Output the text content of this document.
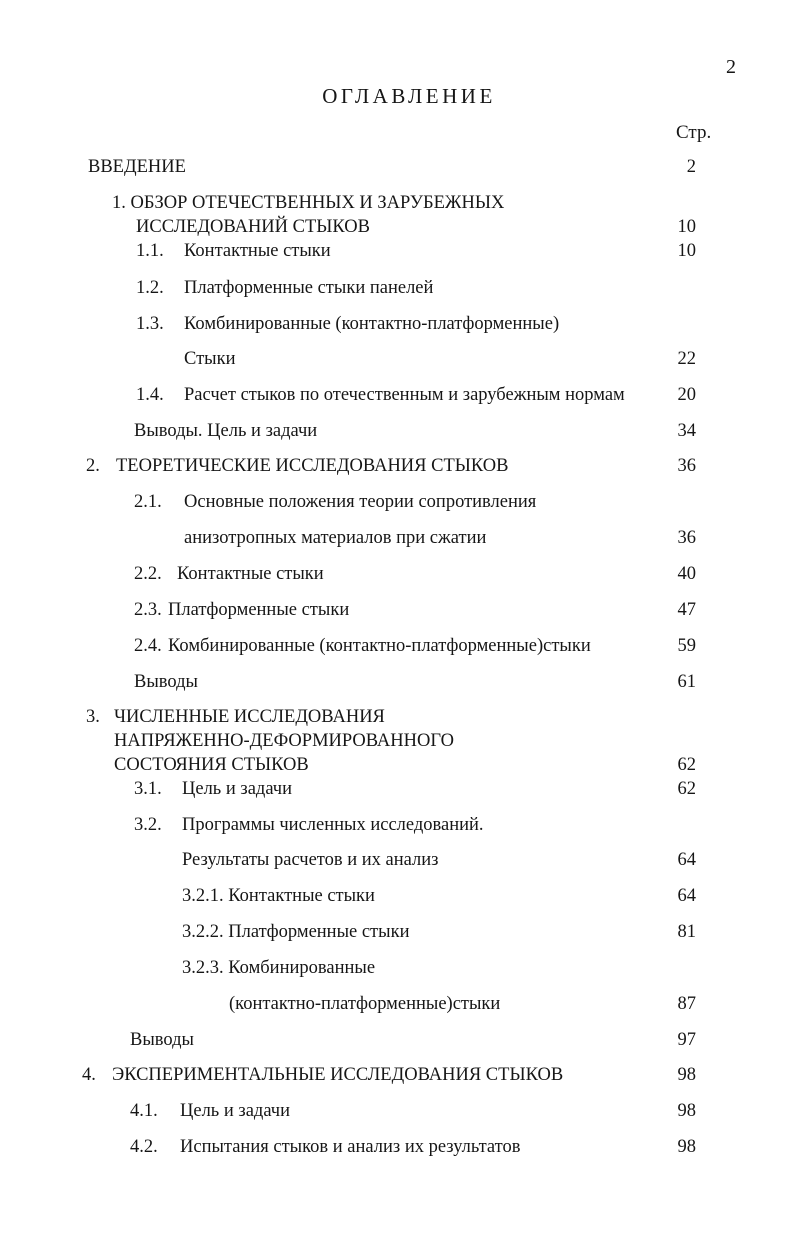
2
ОГЛАВЛЕНИЕ
Стр.
ВВЕДЕНИЕ	2
1. ОБЗОР ОТЕЧЕСТВЕННЫХ И ЗАРУБЕЖНЫХ
ИССЛЕДОВАНИЙ СТЫКОВ	10
1.1. Контактные стыки	10
1.2. Платформенные стыки панелей
1.3. Комбинированные (контактно-платформенные)
Стыки	22
1.4. Расчет стыков по отечественным и зарубежным нормам	20
Выводы. Цель и задачи	34
2. ТЕОРЕТИЧЕСКИЕ ИССЛЕДОВАНИЯ СТЫКОВ	36
2.1. Основные положения теории сопротивления
анизотропных материалов при сжатии	36
2.2. Контактные стыки	40
2.3. Платформенные стыки	47
2.4. Комбинированные (контактно-платформенные)стыки	59
Выводы	61
3. ЧИСЛЕННЫЕ ИССЛЕДОВАНИЯ
НАПРЯЖЕННО-ДЕФОРМИРОВАННОГО
СОСТОЯНИЯ СТЫКОВ	62
3.1. Цель и задачи	62
3.2. Программы численных исследований.
Результаты расчетов и их анализ	64
3.2.1. Контактные стыки	64
3.2.2. Платформенные стыки	81
3.2.3. Комбинированные
(контактно-платформенные)стыки	87
Выводы	97
4. ЭКСПЕРИМЕНТАЛЬНЫЕ ИССЛЕДОВАНИЯ СТЫКОВ	98
4.1. Цель и задачи	98
4.2. Испытания стыков и анализ их результатов	98
